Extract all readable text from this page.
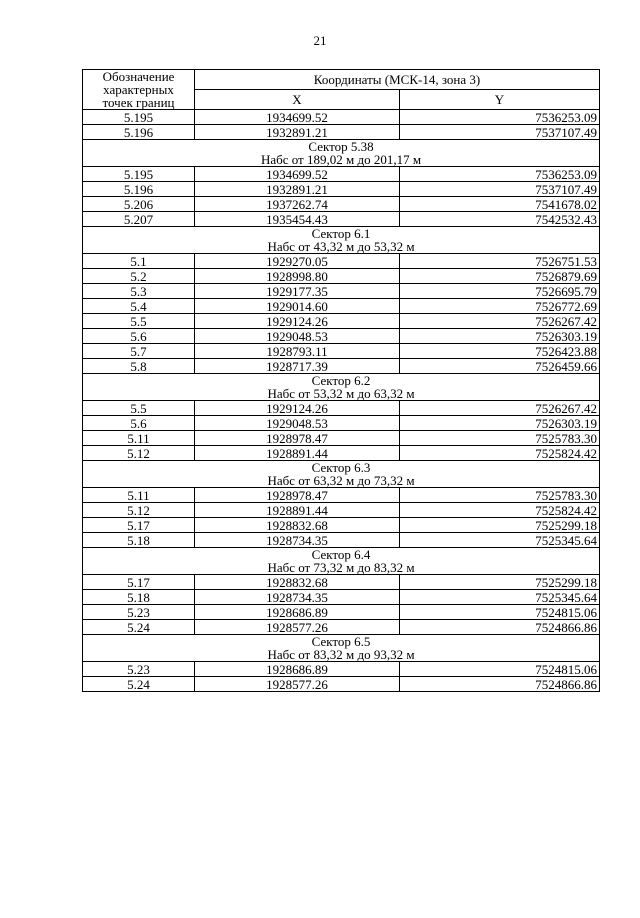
21
Обозначение
характерных
точек границ	Координаты (МСК-14, зона 3)	
	X	Y
5.195	1934699.52	7536253.09
5.196	1932891.21	7537107.49

Сектор 5.38
Набс от 189,02 м до 201,17 м		

5.195	1934699.52	7536253.09
5.196	1932891.21	7537107.49
5.206	1937262.74	7541678.02
5.207	1935454.43	7542532.43

Сектор 6.1
Набс от 43,32 м до 53,32 м		

5.1	1929270.05	7526751.53
5.2	1928998.80	7526879.69
5.3	1929177.35	7526695.79
5.4	1929014.60	7526772.69
5.5	1929124.26	7526267.42
5.6	1929048.53	7526303.19
5.7	1928793.11	7526423.88
5.8	1928717.39	7526459.66

Сектор 6.2
Набс от 53,32 м до 63,32 м		

5.5	1929124.26	7526267.42
5.6	1929048.53	7526303.19
5.11	1928978.47	7525783.30
5.12	1928891.44	7525824.42

Сектор 6.3
Набс от 63,32 м до 73,32 м		

5.11	1928978.47	7525783.30
5.12	1928891.44	7525824.42
5.17	1928832.68	7525299.18
5.18	1928734.35	7525345.64

Сектор 6.4
Набс от 73,32 м до 83,32 м		

5.17	1928832.68	7525299.18
5.18	1928734.35	7525345.64
5.23	1928686.89	7524815.06
5.24	1928577.26	7524866.86

Сектор 6.5
Набс от 83,32 м до 93,32 м		

5.23	1928686.89	7524815.06
5.24	1928577.26	7524866.86
